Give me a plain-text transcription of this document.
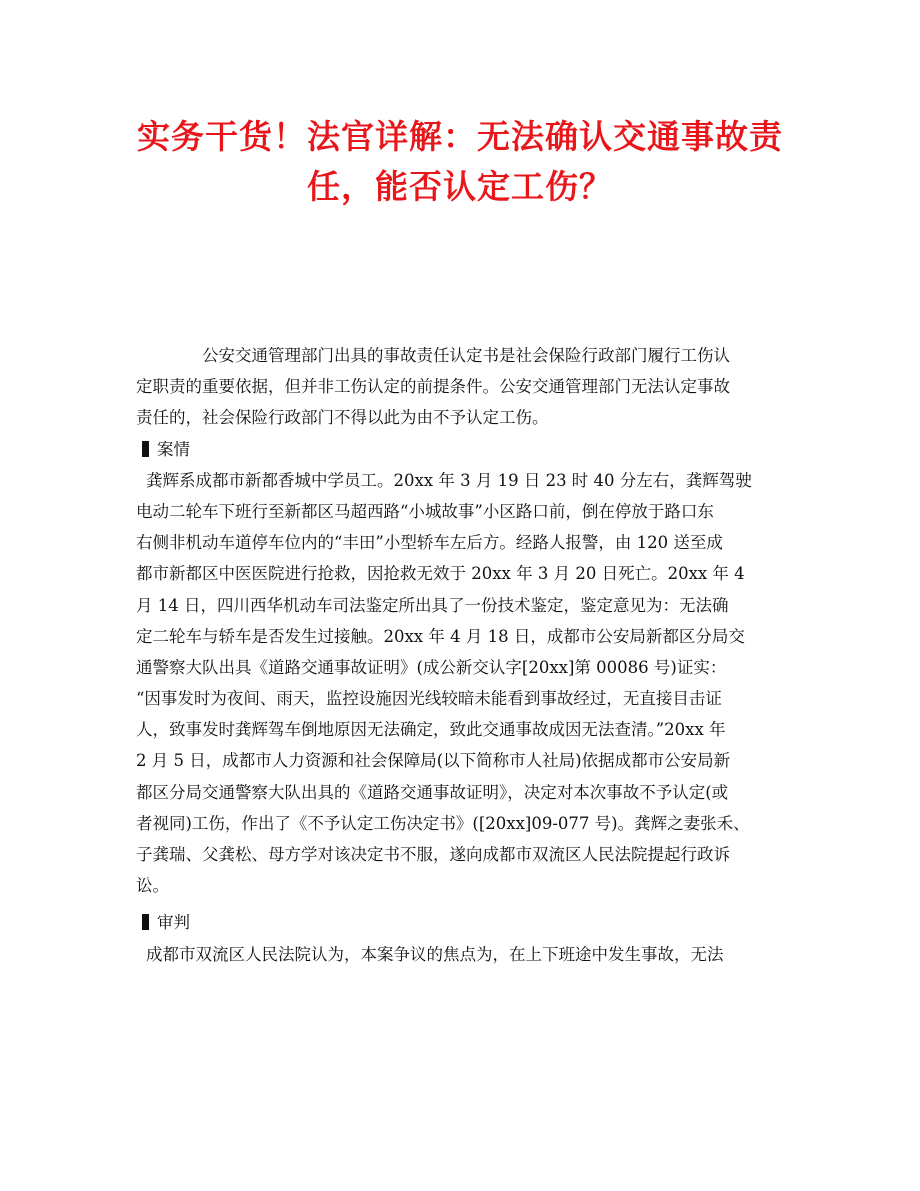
实务干货！法官详解：无法确认交通事故责
任，能否认定工伤？
公安交通管理部门出具的事故责任认定书是社会保险行政部门履行工伤认
定职责的重要依据，但并非工伤认定的前提条件。公安交通管理部门无法认定事故
责任的，社会保险行政部门不得以此为由不予认定工伤。
案情
龚辉系成都市新都香城中学员工。20xx 年 3 月 19 日 23 时 40 分左右，龚辉驾驶
电动二轮车下班行至新都区马超西路“小城故事”小区路口前，倒在停放于路口东
右侧非机动车道停车位内的“丰田”小型轿车左后方。经路人报警，由 120 送至成
都市新都区中医医院进行抢救，因抢救无效于 20xx 年 3 月 20 日死亡。20xx 年 4
月 14 日，四川西华机动车司法鉴定所出具了一份技术鉴定，鉴定意见为：无法确
定二轮车与轿车是否发生过接触。20xx 年 4 月 18 日，成都市公安局新都区分局交
通警察大队出具《道路交通事故证明》(成公新交认字[20xx]第 00086 号)证实：
“因事发时为夜间、雨天，监控设施因光线较暗未能看到事故经过，无直接目击证
人，致事发时龚辉驾车倒地原因无法确定，致此交通事故成因无法查清。”20xx 年
2 月 5 日，成都市人力资源和社会保障局(以下简称市人社局)依据成都市公安局新
都区分局交通警察大队出具的《道路交通事故证明》，决定对本次事故不予认定(或
者视同)工伤，作出了《不予认定工伤决定书》([20xx]09-077 号)。龚辉之妻张禾、
子龚瑞、父龚松、母方学对该决定书不服，遂向成都市双流区人民法院提起行政诉
讼。
审判
成都市双流区人民法院认为，本案争议的焦点为，在上下班途中发生事故，无法
